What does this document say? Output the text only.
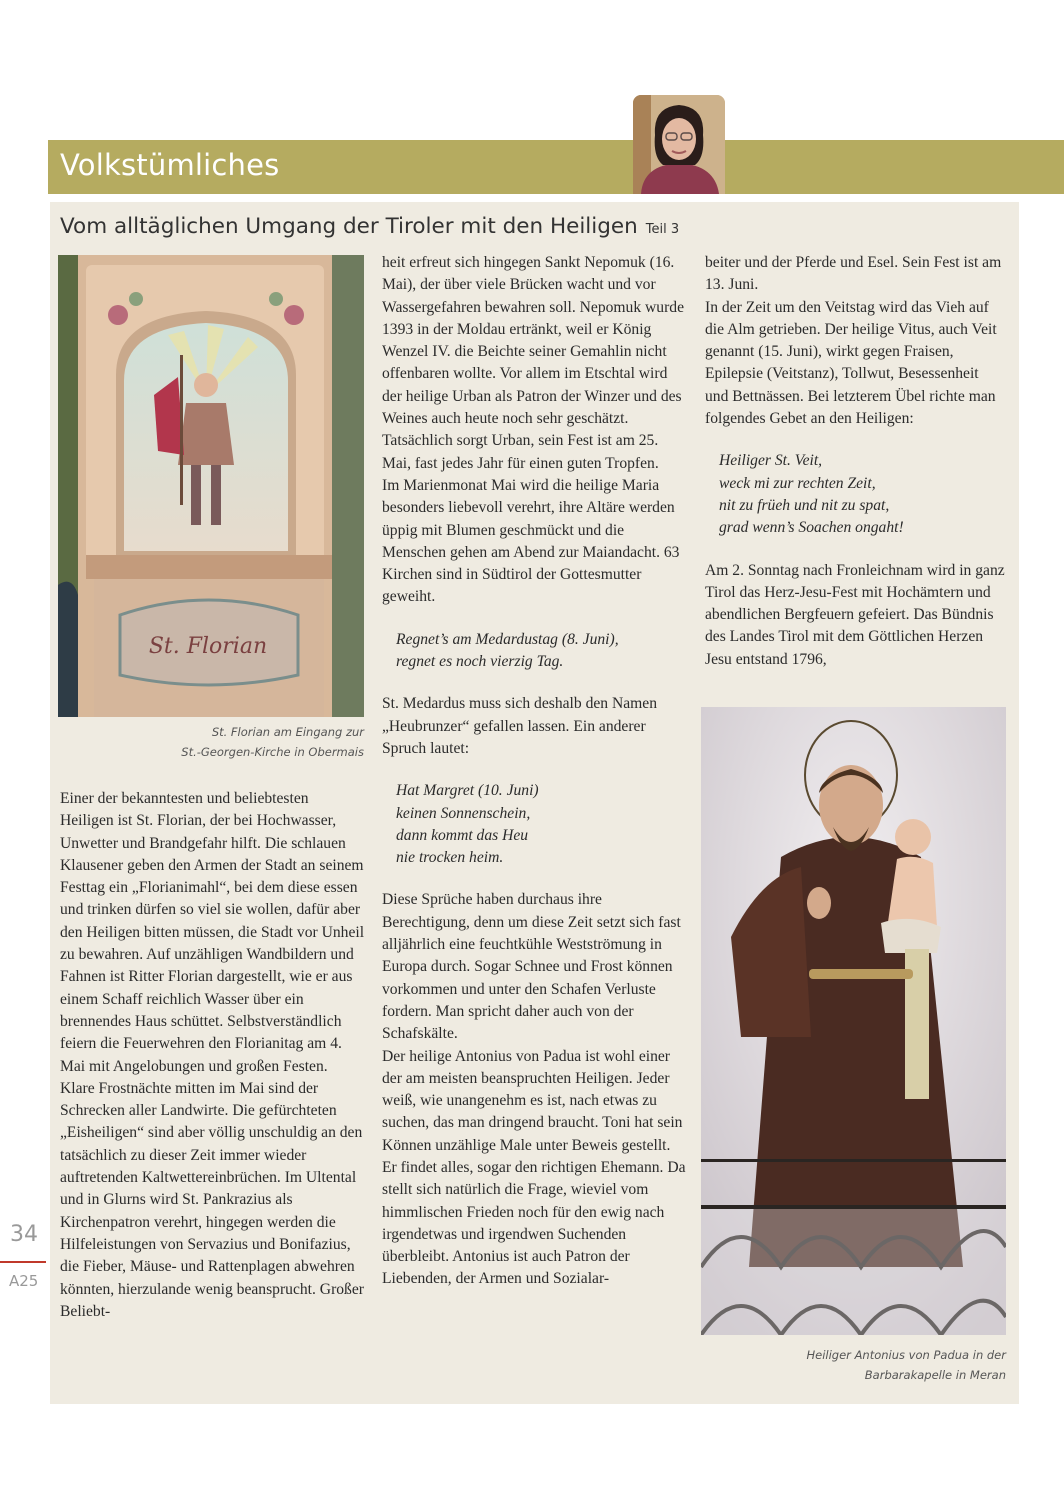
Volkstümliches
Vom alltäglichen Umgang der Tiroler mit den Heiligen Teil 3
St. Florian
St. Florian am Eingang zur
St.-Georgen-Kirche in Obermais

Einer der bekanntesten und beliebtesten Heiligen ist St. Florian, der bei Hochwasser, Unwetter und Brandgefahr hilft. Die schlauen Klausener geben den Armen der Stadt an seinem Festtag ein „Florianimahl“, bei dem diese essen und trinken dürfen so viel sie wollen, dafür aber den Heiligen bitten müssen, die Stadt vor Unheil zu bewahren. Auf unzähligen Wandbildern und Fahnen ist Ritter Florian dargestellt, wie er aus einem Schaff reichlich Wasser über ein brennendes Haus schüttet. Selbstverständlich feiern die Feuerwehren den Florianitag am 4. Mai mit Angelobungen und großen Festen.

Klare Frostnächte mitten im Mai sind der Schrecken aller Landwirte. Die gefürchteten „Eisheiligen“ sind aber völlig unschuldig an den tatsächlich zu dieser Zeit immer wieder auftretenden Kaltwettereinbrüchen. Im Ultental und in Glurns wird St. Pankrazius als Kirchenpatron verehrt, hingegen werden die Hilfeleistungen von Servazius und Bonifazius, die Fieber, Mäuse- und Rattenplagen abwehren könnten, hierzulande wenig beansprucht. Großer Beliebt-

heit erfreut sich hingegen Sankt Nepomuk (16. Mai), der über viele Brücken wacht und vor Wassergefahren bewahren soll. Nepomuk wurde 1393 in der Moldau ertränkt, weil er König Wenzel IV. die Beichte seiner Gemahlin nicht offenbaren wollte. Vor allem im Etschtal wird der heilige Urban als Patron der Winzer und des Weines auch heute noch sehr geschätzt. Tatsächlich sorgt Urban, sein Fest ist am 25. Mai, fast jedes Jahr für einen guten Tropfen.

Im Marienmonat Mai wird die heilige Maria besonders liebevoll verehrt, ihre Altäre werden üppig mit Blumen geschmückt und die Menschen gehen am Abend zur Maiandacht. 63 Kirchen sind in Südtirol der Gottesmutter geweiht.

Regnet’s am Medardustag (8. Juni),
regnet es noch vierzig Tag.

St. Medardus muss sich deshalb den Namen „Heubrunzer“ gefallen lassen. Ein anderer Spruch lautet:

Hat Margret (10. Juni)
keinen Sonnenschein,
dann kommt das Heu
nie trocken heim.

Diese Sprüche haben durchaus ihre Berechtigung, denn um diese Zeit setzt sich fast alljährlich eine feuchtkühle Westströmung in Europa durch. Sogar Schnee und Frost können vorkommen und unter den Schafen Verluste fordern. Man spricht daher auch von der Schafskälte.

Der heilige Antonius von Padua ist wohl einer der am meisten beanspruchten Heiligen. Jeder weiß, wie unangenehm es ist, nach etwas zu suchen, das man dringend braucht. Toni hat sein Können unzählige Male unter Beweis gestellt. Er findet alles, sogar den richtigen Ehemann. Da stellt sich natürlich die Frage, wieviel vom himmlischen Frieden noch für den ewig nach irgendetwas und irgendwen Suchenden überbleibt. Antonius ist auch Patron der Liebenden, der Armen und Sozialar-

beiter und der Pferde und Esel. Sein Fest ist am 13. Juni.

In der Zeit um den Veitstag wird das Vieh auf die Alm getrieben. Der heilige Vitus, auch Veit genannt (15. Juni), wirkt gegen Fraisen, Epilepsie (Veitstanz), Tollwut, Besessenheit und Bettnässen. Bei letzterem Übel richte man folgendes Gebet an den Heiligen:

Heiliger St. Veit,
weck mi zur rechten Zeit,
nit zu früeh und nit zu spat,
grad wenn’s Soachen ongaht!

Am 2. Sonntag nach Fronleichnam wird in ganz Tirol das Herz-Jesu-Fest mit Hochämtern und abendlichen Bergfeuern gefeiert. Das Bündnis des Landes Tirol mit dem Göttlichen Herzen Jesu entstand 1796,

Heiliger Antonius von Padua in der
Barbarakapelle in Meran
34
A25
